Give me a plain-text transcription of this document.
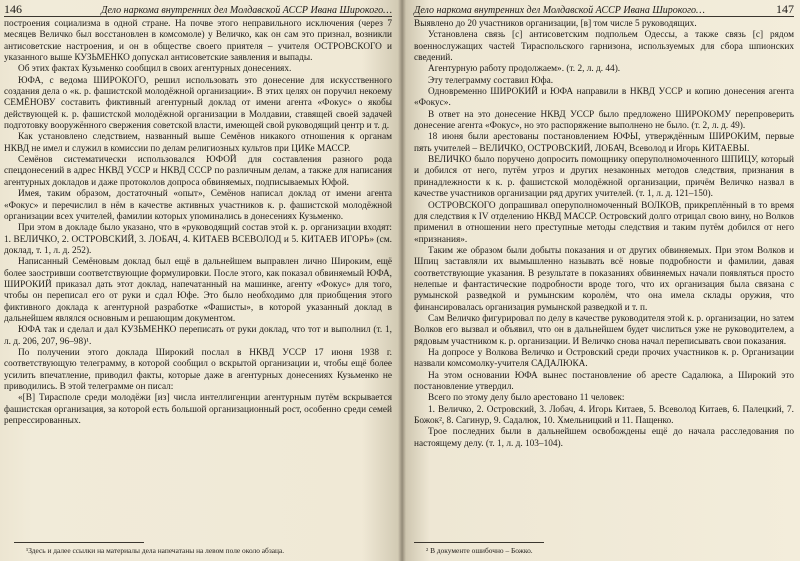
146	Дело наркома внутренних дел Молдавской АССР Ивана Широкого…

построения социализма в одной стране. На почве этого неправильного исключения (через 7 месяцев Величко был восстановлен в комсомоле) у Величко, как он сам это признал, возникли антисоветские настроения, и он в обществе своего приятеля – учителя ОСТРОВСКОГО и указанного выше КУЗЬМЕНКО допускал антисоветские заявления и выпады.

Об этих фактах Кузьменко сообщил в своих агентурных донесениях.

ЮФА, с ведома ШИРОКОГО, решил использовать это донесение для искусственного создания дела о «к. р. фашистской молодёжной организации». В этих целях он поручил некоему СЕМЁНОВУ составить фиктивный агентурный доклад от имени агента «Фокус» о якобы действующей к. р. фашистской молодёжной организации в Молдавии, ставящей своей задачей подготовку вооружённого свержения советской власти, имеющей свой руководящий центр и т. д.

Как установлено следствием, названный выше Семёнов никакого отношения к органам НКВД не имел и служил в комиссии по делам религиозных культов при ЦИКе МАССР.

Семёнов систематически использовался ЮФОЙ для составления разного рода спецдонесений в адрес НКВД УССР и НКВД СССР по различным делам, а также для написания агентурных докладов и даже протоколов допроса обвиняемых, подписываемых Юфой.

Имея, таким образом, достаточный «опыт», Семёнов написал доклад от имени агента «Фокус» и перечислил в нём в качестве активных участников к. р. фашистской молодёжной организации всех учителей, фамилии которых упоминались в донесениях Кузьменко.

При этом в докладе было указано, что в «руководящий состав этой к. р. организации входят: 1. ВЕЛИЧКО, 2. ОСТРОВСКИЙ, 3. ЛОБАЧ, 4. КИТАЕВ ВСЕВОЛОД и 5. КИТАЕВ ИГОРЬ» (см. доклад, т. 1, л. д. 252).

Написанный Семёновым доклад был ещё в дальнейшем выправлен лично Широким, ещё более заостривши соответствующие формулировки. После этого, как показал обвиняемый ЮФА, ШИРОКИЙ приказал дать этот доклад, напечатанный на машинке, агенту «Фокус» для того, чтобы он переписал его от руки и сдал Юфе. Это было необходимо для приобщения этого фиктивного доклада к агентурной разработке «Фашисты», в которой указанный доклад в дальнейшем являлся основным и решающим документом.

ЮФА так и сделал и дал КУЗЬМЕНКО переписать от руки доклад, что тот и выполнил (т. 1, л. д. 206, 207, 96–98)¹.

По получении этого доклада Широкий послал в НКВД УССР 17 июня 1938 г. соответствующую телеграмму, в которой сообщил о вскрытой организации и, чтобы ещё более усилить впечатление, приводил факты, которые даже в агентурных донесениях Кузьменко не приводились. В этой телеграмме он писал:

«[В] Тирасполе среди молодёжи [из] числа интеллигенции агентурным путём вскрывается фашистская организация, за которой есть большой организационный рост, особенно среди семей репрессированных.

¹Здесь и далее ссылки на материалы дела напечатаны на левом поле около абзаца.

Дело наркома внутренних дел Молдавской АССР Ивана Широкого…	147

Выявлено до 20 участников организации, [в] том числе 5 руководящих.

Установлена связь [с] антисоветским подпольем Одессы, а также связь [с] рядом военнослужащих частей Тираспольского гарнизона, используемых для сбора шпионских сведений.

Агентурную работу продолжаем». (т. 2, л. д. 44).

Эту телеграмму составил Юфа.

Одновременно ШИРОКИЙ и ЮФА направили в НКВД УССР и копию донесения агента «Фокус».

В ответ на это донесение НКВД УССР было предложено ШИРОКОМУ перепроверить донесение агента «Фокус», но это распоряжение выполнено не было. (т. 2, л. д. 49).

18 июня были арестованы постановлением ЮФЫ, утверждённым ШИРОКИМ, первые пять учителей – ВЕЛИЧКО, ОСТРОВСКИЙ, ЛОБАЧ, Всеволод и Игорь КИТАЕВЫ.

ВЕЛИЧКО было поручено допросить помощнику оперуполномоченного ШПИЦУ, который и добился от него, путём угроз и других незаконных методов следствия, признания в принадлежности к к. р. фашистской молодёжной организации, причём Величко назвал в качестве участников организации ряд других учителей. (т. 1, л. д. 121–150).

ОСТРОВСКОГО допрашивал оперуполномоченный ВОЛКОВ, прикреплённый в то время для следствия к IV отделению НКВД МАССР. Островский долго отрицал свою вину, но Волков применил в отношении него преступные методы следствия и таким путём добился от него «признания».

Таким же образом были добыты показания и от других обвиняемых. При этом Волков и Шпиц заставляли их вымышленно называть всё новые подробности и фамилии, давая соответствующие указания. В результате в показаниях обвиняемых начали появляться просто нелепые и фантастические подробности вроде того, что их организация была связана с румынской разведкой и румынским королём, что она имела склады оружия, что финансировалась организация румынской разведкой и т. п.

Сам Величко фигурировал по делу в качестве руководителя этой к. р. организации, но затем Волков его вызвал и объявил, что он в дальнейшем будет числиться уже не руководителем, а рядовым участником к. р. организации. И Величко снова начал переписывать свои показания.

На допросе у Волкова Величко и Островский среди прочих участников к. р. Организации назвали комсомолку-учителя САДАЛЮКА.

На этом основании ЮФА вынес постановление об аресте Садалюка, а Широкий это постановление утвердил.

Всего по этому делу было арестовано 11 человек:

1. Величко, 2. Островский, 3. Лобач, 4. Игорь Китаев, 5. Всеволод Китаев, 6. Палецкий, 7. Божок², 8. Сагинур, 9. Садалюк, 10. Хмельницкий и 11. Пащенко.

Трое последних были в дальнейшем освобождены ещё до начала расследования по настоящему делу. (т. 1, л. д. 103–104).

² В документе ошибочно – Божко.
